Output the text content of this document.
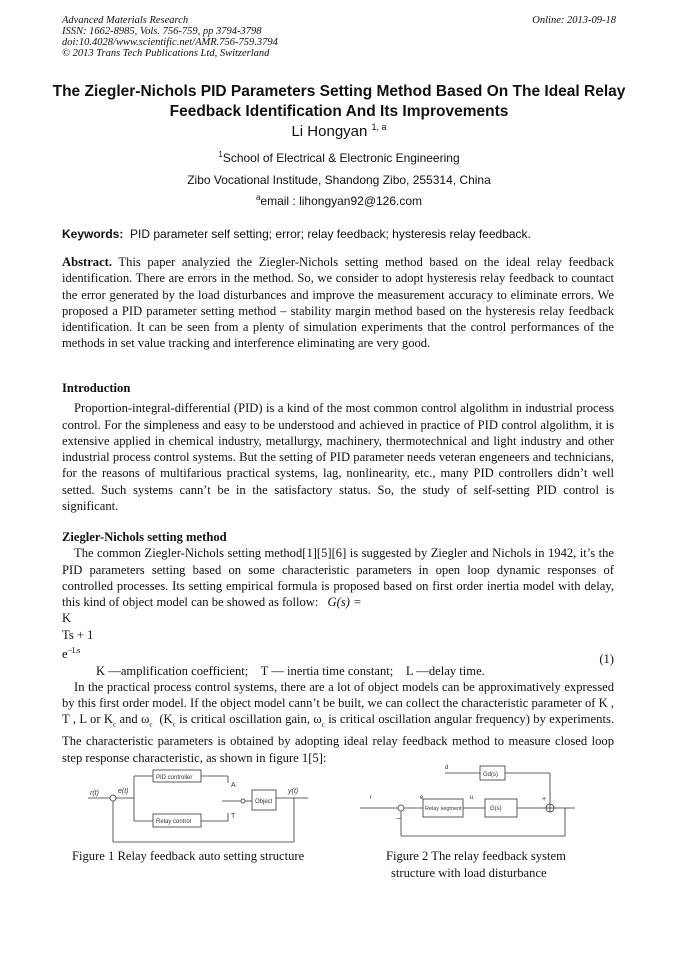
Advanced Materials Research
ISSN: 1662-8985, Vols. 756-759, pp 3794-3798
doi:10.4028/www.scientific.net/AMR.756-759.3794
© 2013 Trans Tech Publications Ltd, Switzerland
Online: 2013-09-18
The Ziegler-Nichols PID Parameters Setting Method Based On The Ideal Relay Feedback Identification And Its Improvements
Li Hongyan $^{1, a}$
$^1$School of Electrical & Electronic Engineering
Zibo Vocational Institude, Shandong Zibo, 255314, China
$^a$email : lihongyan92@126.com
Keywords: PID parameter self setting; error; relay feedback; hysteresis relay feedback.
Abstract. This paper analyzied the Ziegler-Nichols setting method based on the ideal relay feedback identification. There are errors in the method. So, we consider to adopt hysteresis relay feedback to countact the error generated by the load disturbances and improve the measurement accuracy to eliminate errors. We proposed a PID parameter setting method – stability margin method based on the hysteresis relay feedback identification. It can be seen from a plenty of simulation experiments that the control performances of the methods in set value tracking and interference eliminating are very good.
Introduction

Proportion-integral-differential (PID) is a kind of the most common control algolithm in industrial process control. For the simpleness and easy to be understood and achieved in practice of PID control algolithm, it is extensive applied in chemical industry, metallurgy, machinery, thermotechnical and light industry and other industrial process control systems. But the setting of PID parameter needs veteran engeneers and technicians, for the reasons of multifarious practical systems, lag, nonlinearity, etc., many PID controllers didn’t well setted. Such systems cann’t be in the satisfactory status. So, the study of self-setting PID control is significant.

Ziegler-Nichols setting method

The common Ziegler-Nichols setting method[1][5][6] is suggested by Ziegler and Nichols in 1942, it’s the PID parameters setting based on some characteristic parameters in open loop dynamic responses of controlled processes. Its setting empirical formula is proposed based on first order inertia model with delay, this kind of object model can be showed as follow: G(s) =

K
Ts + 1
$e^{-Ls}$
(1)

K —amplification coefficient; T — inertia time constant; L —delay time.

In the practical process control systems, there are a lot of object models can be approximatively expressed by this first order model. If the object model cann’t be built, we can collect the characteristic parameter of K , T , L or $K_c$ and $\omega_c$ ($K_c$ is critical oscillation gain, $\omega_c$ is critical oscillation angular frequency) by experiments. The characteristic parameters is obtained by adopting ideal relay feedback method to measure closed loop step response characteristic, as shown in figure 1[5]:

r(t)	e(t)
PID controller
Relay control
A
T
Object
y(t)
Figure 1 Relay feedback auto setting structure
d
Gd(s)
r	e
−
Relay segment
u
G(s)
+
Figure 2 The relay feedback system
structure with load disturbance
